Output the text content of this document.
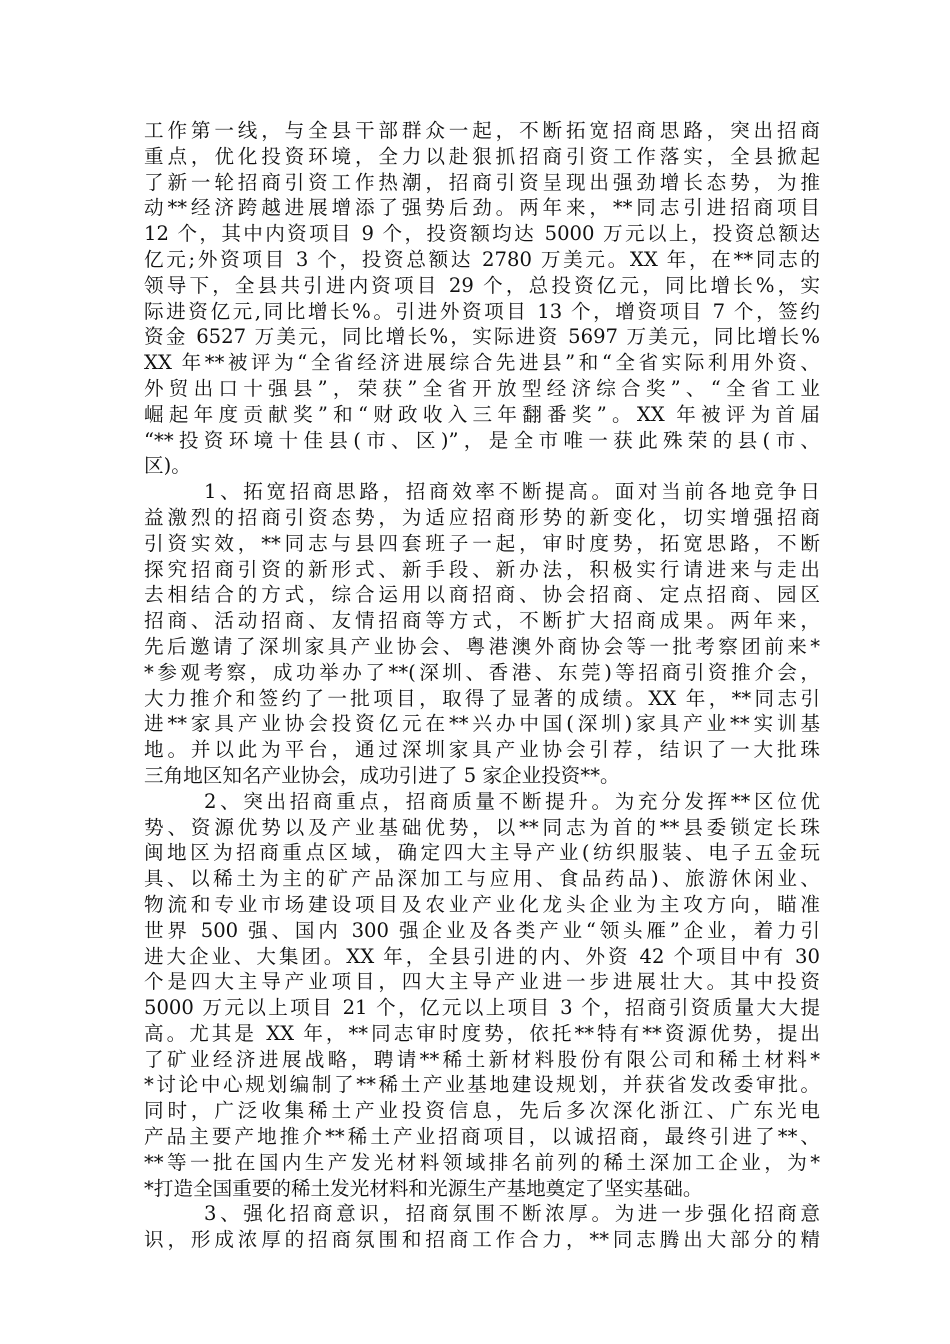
工作第一线，与全县干部群众一起，不断拓宽招商思路，突出招商
重点，优化投资环境，全力以赴狠抓招商引资工作落实，全县掀起
了新一轮招商引资工作热潮，招商引资呈现出强劲增长态势，为推
动**经济跨越进展增添了强势后劲。两年来，**同志引进招商项目
12 个，其中内资项目 9 个，投资额均达 5000 万元以上，投资总额达
亿元;外资项目 3 个，投资总额达 2780 万美元。XX 年，在**同志的
领导下，全县共引进内资项目 29 个，总投资亿元，同比增长%，实
际进资亿元,同比增长%。引进外资项目 13 个，增资项目 7 个，签约
资金 6527 万美元，同比增长%，实际进资 5697 万美元，同比增长%
XX 年**被评为“全省经济进展综合先进县”和“全省实际利用外资、
外贸出口十强县”，荣获”全省开放型经济综合奖”、“全省工业
崛起年度贡献奖”和“财政收入三年翻番奖”。XX 年被评为首届
“**投资环境十佳县(市、区)”，是全市唯一获此殊荣的县(市、
区)。
1、拓宽招商思路，招商效率不断提高。面对当前各地竞争日
益激烈的招商引资态势，为适应招商形势的新变化，切实增强招商
引资实效，**同志与县四套班子一起，审时度势，拓宽思路，不断
探究招商引资的新形式、新手段、新办法，积极实行请进来与走出
去相结合的方式，综合运用以商招商、协会招商、定点招商、园区
招商、活动招商、友情招商等方式，不断扩大招商成果。两年来，
先后邀请了深圳家具产业协会、粤港澳外商协会等一批考察团前来*
*参观考察，成功举办了**(深圳、香港、东莞)等招商引资推介会，
大力推介和签约了一批项目，取得了显著的成绩。XX 年，**同志引
进**家具产业协会投资亿元在**兴办中国(深圳)家具产业**实训基
地。并以此为平台，通过深圳家具产业协会引荐，结识了一大批珠
三角地区知名产业协会，成功引进了 5 家企业投资**。
2、突出招商重点，招商质量不断提升。为充分发挥**区位优
势、资源优势以及产业基础优势，以**同志为首的**县委锁定长珠
闽地区为招商重点区域，确定四大主导产业(纺织服装、电子五金玩
具、以稀土为主的矿产品深加工与应用、食品药品)、旅游休闲业、
物流和专业市场建设项目及农业产业化龙头企业为主攻方向，瞄准
世界 500 强、国内 300 强企业及各类产业“领头雁”企业，着力引
进大企业、大集团。XX 年，全县引进的内、外资 42 个项目中有 30
个是四大主导产业项目，四大主导产业进一步进展壮大。其中投资
5000 万元以上项目 21 个，亿元以上项目 3 个，招商引资质量大大提
高。尤其是 XX 年，**同志审时度势，依托**特有**资源优势，提出
了矿业经济进展战略，聘请**稀土新材料股份有限公司和稀土材料*
*讨论中心规划编制了**稀土产业基地建设规划，并获省发改委审批。
同时，广泛收集稀土产业投资信息，先后多次深化浙江、广东光电
产品主要产地推介**稀土产业招商项目，以诚招商，最终引进了**、
**等一批在国内生产发光材料领域排名前列的稀土深加工企业，为*
*打造全国重要的稀土发光材料和光源生产基地奠定了坚实基础。
3、强化招商意识，招商氛围不断浓厚。为进一步强化招商意
识，形成浓厚的招商氛围和招商工作合力，**同志腾出大部分的精
